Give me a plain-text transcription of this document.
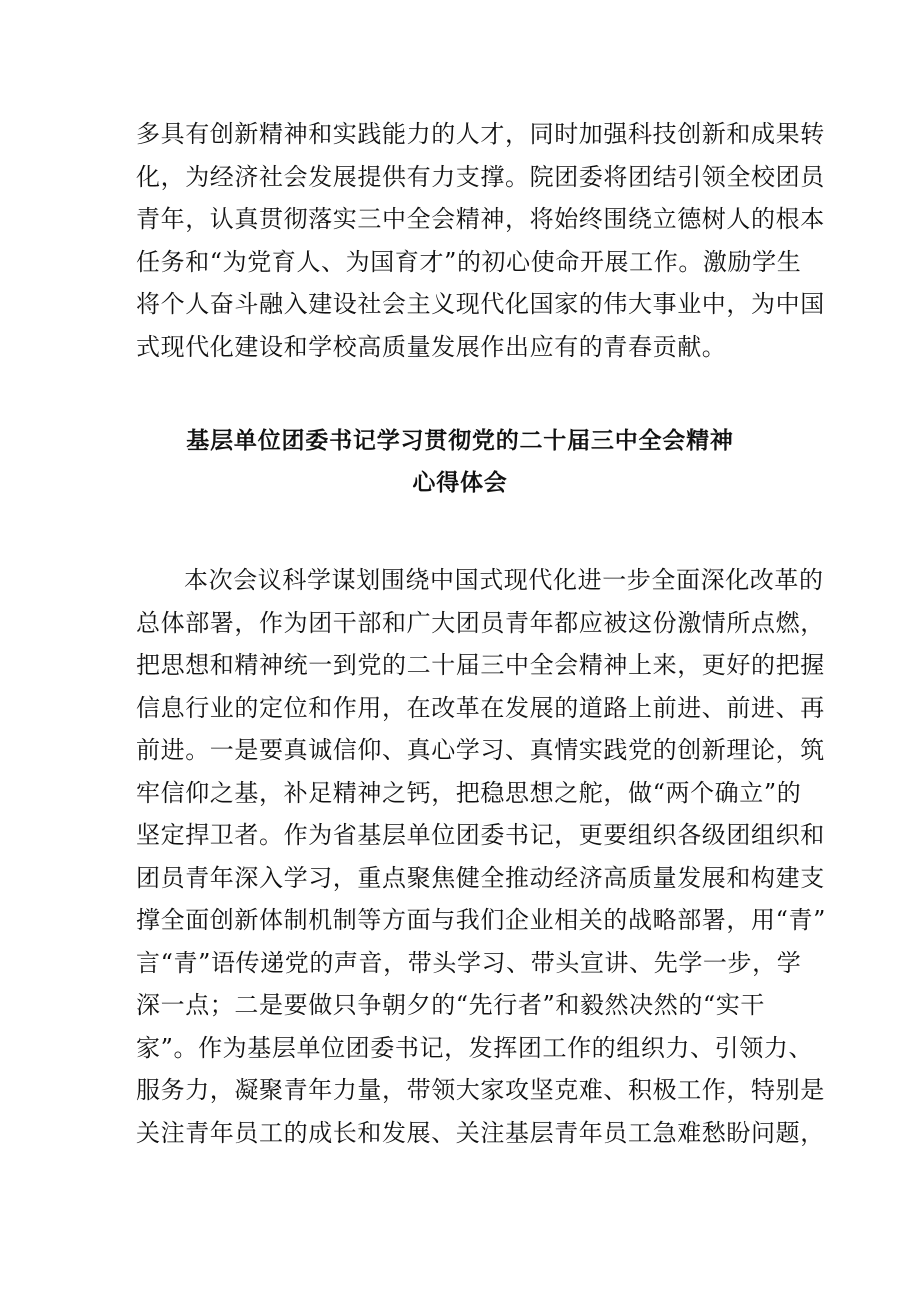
多具有创新精神和实践能力的人才，同时加强科技创新和成果转
化，为经济社会发展提供有力支撑。院团委将团结引领全校团员
青年，认真贯彻落实三中全会精神，将始终围绕立德树人的根本
任务和“为党育人、为国育才”的初心使命开展工作。激励学生
将个人奋斗融入建设社会主义现代化国家的伟大事业中，为中国
式现代化建设和学校高质量发展作出应有的青春贡献。

基层单位团委书记学习贯彻党的二十届三中全会精神
心得体会

本次会议科学谋划围绕中国式现代化进一步全面深化改革的
总体部署，作为团干部和广大团员青年都应被这份激情所点燃，
把思想和精神统一到党的二十届三中全会精神上来，更好的把握
信息行业的定位和作用，在改革在发展的道路上前进、前进、再
前进。一是要真诚信仰、真心学习、真情实践党的创新理论，筑
牢信仰之基，补足精神之钙，把稳思想之舵，做“两个确立”的
坚定捍卫者。作为省基层单位团委书记，更要组织各级团组织和
团员青年深入学习，重点聚焦健全推动经济高质量发展和构建支
撑全面创新体制机制等方面与我们企业相关的战略部署，用“青”
言“青”语传递党的声音，带头学习、带头宣讲、先学一步，学
深一点；二是要做只争朝夕的“先行者”和毅然决然的“实干
家”。作为基层单位团委书记，发挥团工作的组织力、引领力、
服务力，凝聚青年力量，带领大家攻坚克难、积极工作，特别是
关注青年员工的成长和发展、关注基层青年员工急难愁盼问题，
